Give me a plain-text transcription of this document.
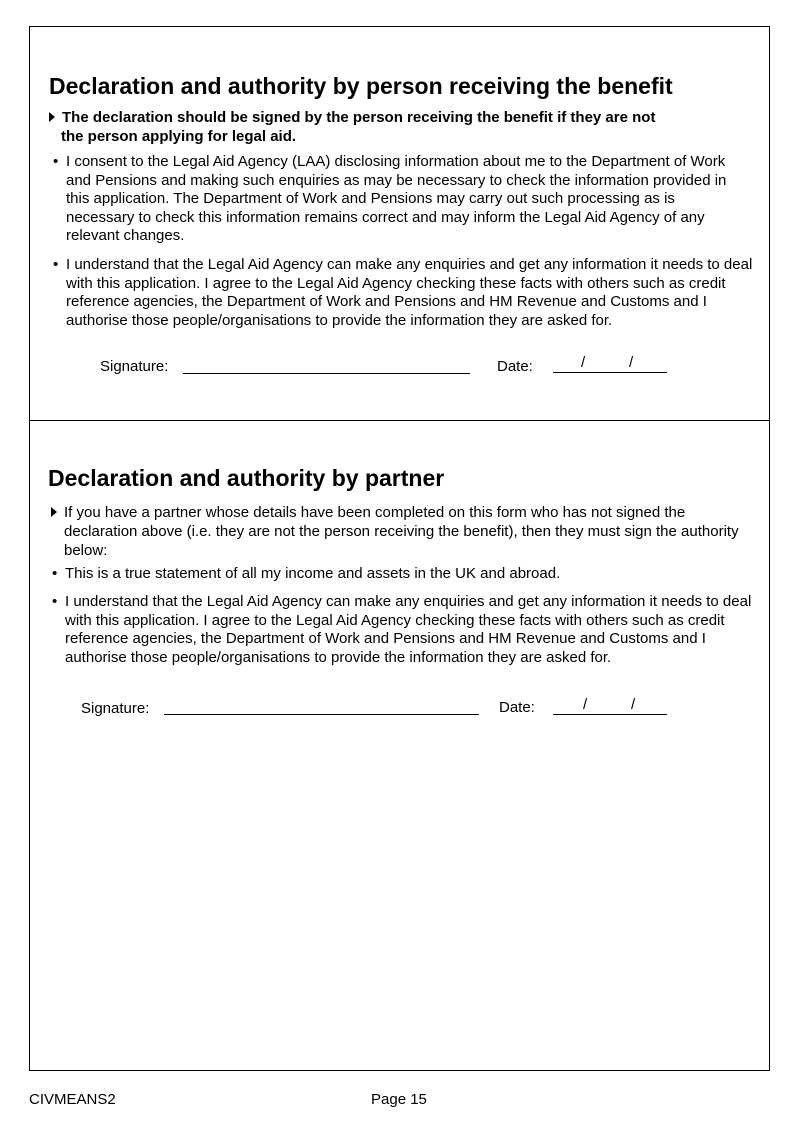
Declaration and authority by person receiving the benefit
The declaration should be signed by the person receiving the benefit if they are not
the person applying for legal aid.
• I consent to the Legal Aid Agency (LAA) disclosing information about me to the Department of Work and Pensions and making such enquiries as may be necessary to check the information provided in this application. The Department of Work and Pensions may carry out such processing as is necessary to check this information remains correct and may inform the Legal Aid Agency of any relevant changes.
• I understand that the Legal Aid Agency can make any enquiries and get any information it needs to deal with this application. I agree to the Legal Aid Agency checking these facts with others such as credit reference agencies, the Department of Work and Pensions and HM Revenue and Customs and I authorise those people/organisations to provide the information they are asked for.
Signature:	Date:	/	/
Declaration and authority by partner
If you have a partner whose details have been completed on this form who has not signed the declaration above (i.e. they are not the person receiving the benefit), then they must sign the authority below:
• This is a true statement of all my income and assets in the UK and abroad.
• I understand that the Legal Aid Agency can make any enquiries and get any information it needs to deal with this application. I agree to the Legal Aid Agency checking these facts with others such as credit reference agencies, the Department of Work and Pensions and HM Revenue and Customs and I authorise those people/organisations to provide the information they are asked for.
Signature:	Date:	/	/
CIVMEANS2	Page 15
